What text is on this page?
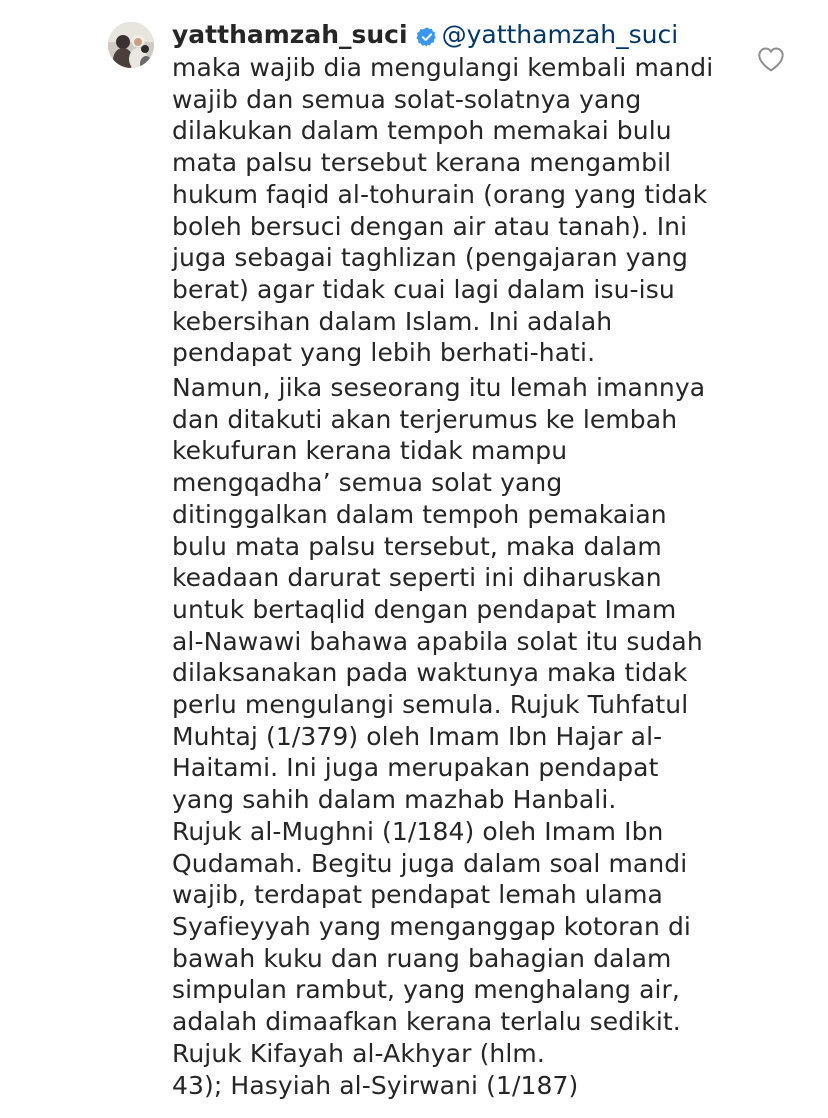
yatthamzah_suci @yatthamzah_suci

maka wajib dia mengulangi kembali mandi
wajib dan semua solat-solatnya yang
dilakukan dalam tempoh memakai bulu
mata palsu tersebut kerana mengambil
hukum faqid al-tohurain (orang yang tidak
boleh bersuci dengan air atau tanah). Ini
juga sebagai taghlizan (pengajaran yang
berat) agar tidak cuai lagi dalam isu-isu
kebersihan dalam Islam. Ini adalah
pendapat yang lebih berhati-hati.

Namun, jika seseorang itu lemah imannya
dan ditakuti akan terjerumus ke lembah
kekufuran kerana tidak mampu
mengqadha’ semua solat yang
ditinggalkan dalam tempoh pemakaian
bulu mata palsu tersebut, maka dalam
keadaan darurat seperti ini diharuskan
untuk bertaqlid dengan pendapat Imam
al-Nawawi bahawa apabila solat itu sudah
dilaksanakan pada waktunya maka tidak
perlu mengulangi semula. Rujuk Tuhfatul
Muhtaj (1/379) oleh Imam Ibn Hajar al-
Haitami. Ini juga merupakan pendapat
yang sahih dalam mazhab Hanbali.
Rujuk al-Mughni (1/184) oleh Imam Ibn
Qudamah. Begitu juga dalam soal mandi
wajib, terdapat pendapat lemah ulama
Syafieyyah yang menganggap kotoran di
bawah kuku dan ruang bahagian dalam
simpulan rambut, yang menghalang air,
adalah dimaafkan kerana terlalu sedikit.
Rujuk Kifayah al-Akhyar (hlm.
43); Hasyiah al-Syirwani (1/187)
